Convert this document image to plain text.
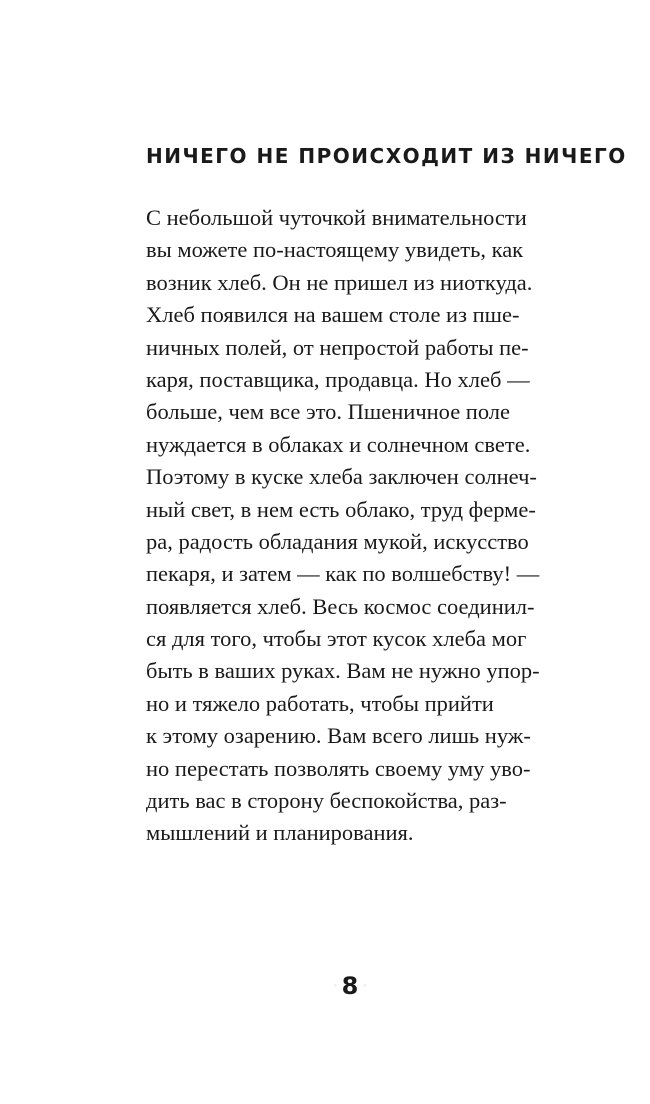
НИЧЕГО НЕ ПРОИСХОДИТ ИЗ НИЧЕГО
С небольшой чуточкой внимательности
вы можете по-настоящему увидеть, как
возник хлеб. Он не пришел из ниоткуда.
Хлеб появился на вашем столе из пше-
ничных полей, от непростой работы пе-
каря, поставщика, продавца. Но хлеб —
больше, чем все это. Пшеничное поле
нуждается в облаках и солнечном свете.
Поэтому в куске хлеба заключен солнеч-
ный свет, в нем есть облако, труд ферме-
ра, радость обладания мукой, искусство
пекаря, и затем — как по волшебству! —
появляется хлеб. Весь космос соединил-
ся для того, чтобы этот кусок хлеба мог
быть в ваших руках. Вам не нужно упор-
но и тяжело работать, чтобы прийти
к этому озарению. Вам всего лишь нуж-
но перестать позволять своему уму уво-
дить вас в сторону беспокойства, раз-
мышлений и планирования.
◦ 8 ◦
